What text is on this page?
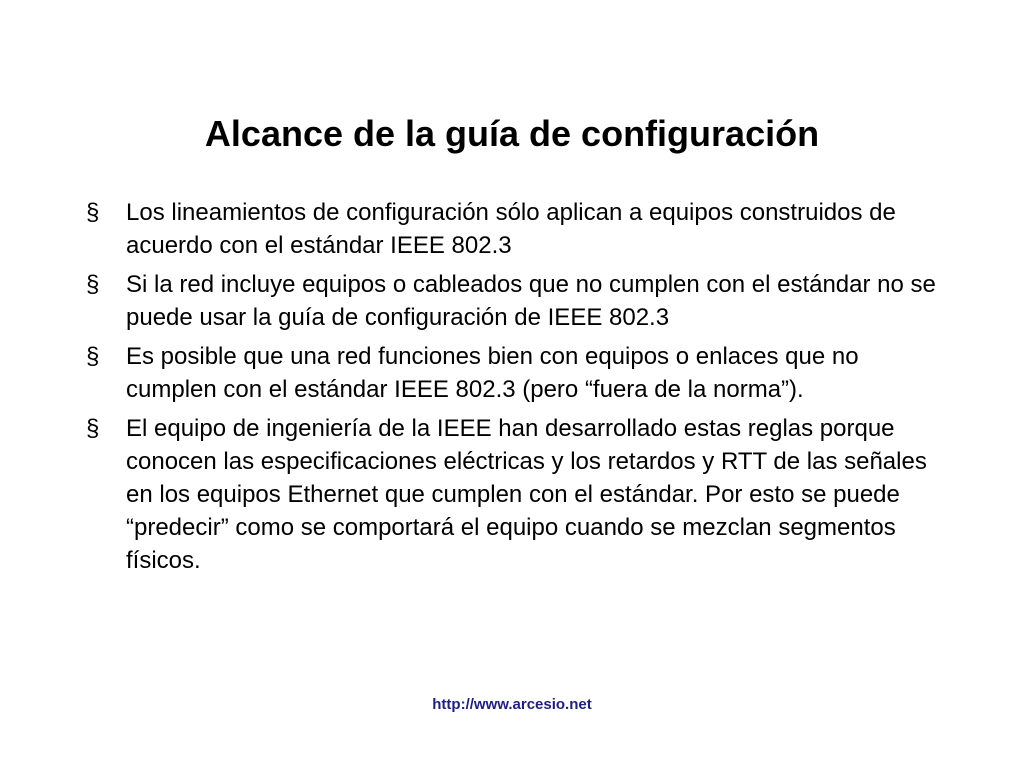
Alcance de la guía de configuración
§	Los lineamientos de configuración sólo aplican a equipos construidos de acuerdo con el estándar IEEE 802.3
§	Si la red incluye equipos o cableados que no cumplen con el estándar no se puede usar la guía de configuración de IEEE 802.3
§	Es posible que una red funciones bien con equipos o enlaces que no cumplen con el estándar IEEE 802.3 (pero “fuera de la norma”).
§	El equipo de ingeniería de la IEEE han desarrollado estas reglas porque conocen las especificaciones eléctricas y los retardos y RTT de las señales en los equipos Ethernet que cumplen con el estándar. Por esto se puede “predecir” como se comportará el equipo cuando se mezclan segmentos físicos.
http://www.arcesio.net
